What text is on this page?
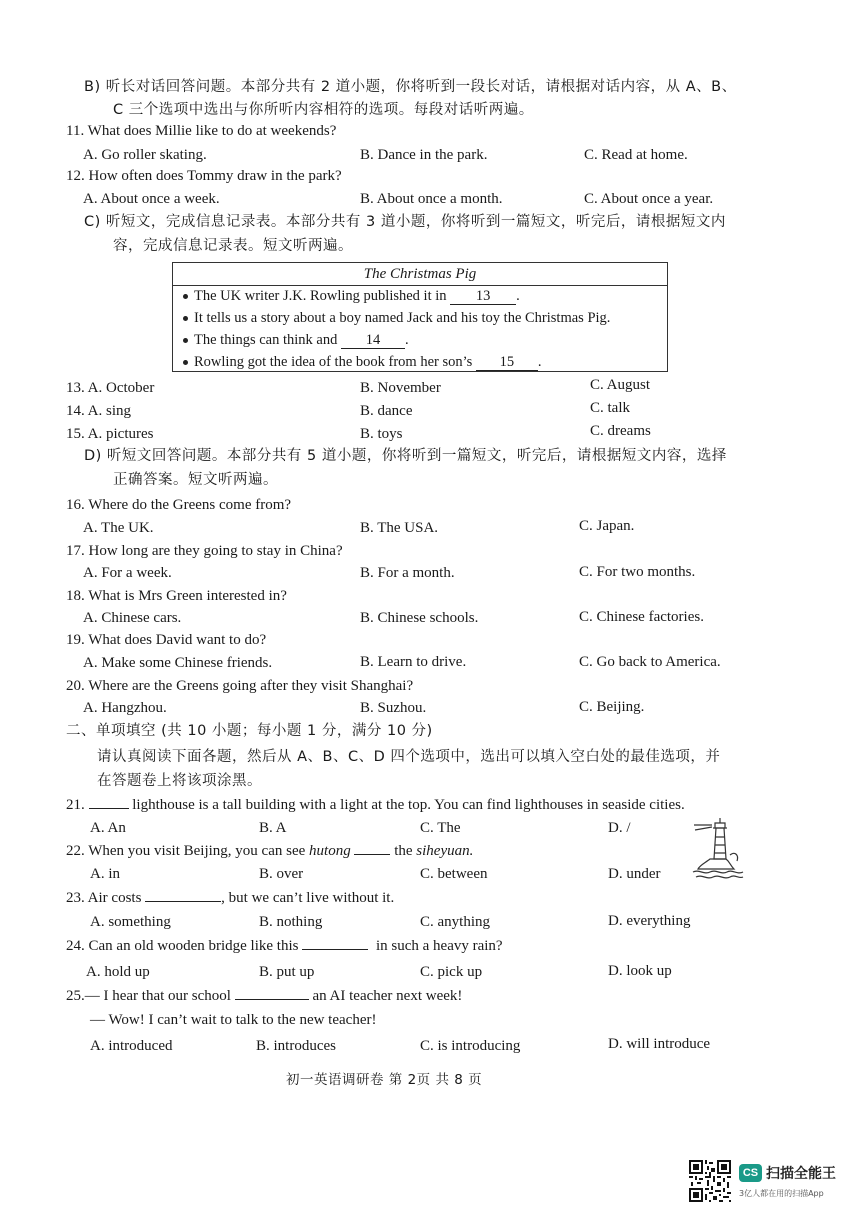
B) 听长对话回答问题。本部分共有 2 道小题，你将听到一段长对话，请根据对话内容，从 A、B、
C 三个选项中选出与你所听内容相符的选项。每段对话听两遍。
11. What does Millie like to do at weekends?
A. Go roller skating.	B. Dance in the park.	C. Read at home.
12. How often does Tommy draw in the park?
A. About once a week.	B. About once a month.	C. About once a year.
C) 听短文，完成信息记录表。本部分共有 3 道小题，你将听到一篇短文，听完后，请根据短文内
容，完成信息记录表。短文听两遍。
The Christmas Pig
The UK writer J.K. Rowling published it in 13 .
It tells us a story about a boy named Jack and his toy the Christmas Pig.
The things can think and 14 .
Rowling got the idea of the book from her son’s 15 .
13. A. October	B. November	C. August
14. A. sing	B. dance	C. talk
15. A. pictures	B. toys	C. dreams
D) 听短文回答问题。本部分共有 5 道小题，你将听到一篇短文，听完后，请根据短文内容，选择
正确答案。短文听两遍。
16. Where do the Greens come from?
A. The UK.	B. The USA.	C. Japan.
17. How long are they going to stay in China?
A. For a week.	B. For a month.	C. For two months.
18. What is Mrs Green interested in?
A. Chinese cars.	B. Chinese schools.	C. Chinese factories.
19. What does David want to do?
A. Make some Chinese friends.	B. Learn to drive.	C. Go back to America.
20. Where are the Greens going after they visit Shanghai?
A. Hangzhou.	B. Suzhou.	C. Beijing.
二、单项填空 (共 10 小题；每小题 1 分，满分 10 分)
请认真阅读下面各题，然后从 A、B、C、D 四个选项中，选出可以填入空白处的最佳选项，并
在答题卷上将该项涂黑。
21.	lighthouse is a tall building with a light at the top. You can find lighthouses in seaside cities.
A. An	B. A	C. The	D. /
22. When you visit Beijing, you can see hutong	the siheyuan.
A. in	B. over	C. between	D. under
23. Air costs	, but we can’t live without it.
A. something	B. nothing	C. anything	D. everything
24. Can an old wooden bridge like this	in such a heavy rain?
A. hold up	B. put up	C. pick up	D. look up
25.— I hear that our school	an AI teacher next week!
— Wow! I can’t wait to talk to the new teacher!
A. introduced	B. introduces	C. is introducing	D. will introduce
初一英语调研卷 第 2页 共 8 页
CS 扫描全能王
3亿人都在用的扫描App
